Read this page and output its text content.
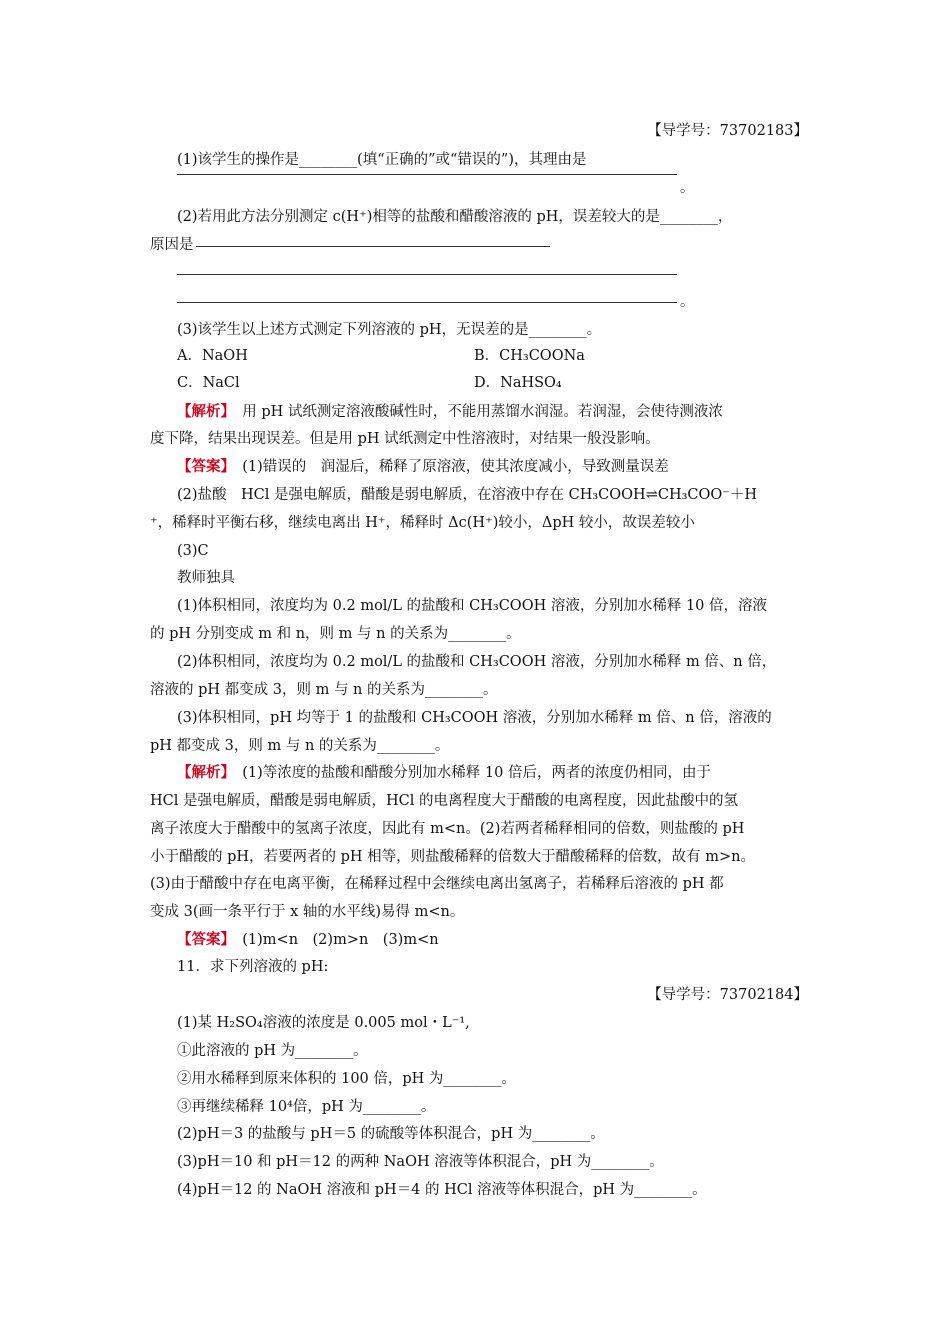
【导学号：73702183】
(1)该学生的操作是________(填“正确的”或“错误的”)，其理由是
。
(2)若用此方法分别测定 c(H⁺)相等的盐酸和醋酸溶液的 pH，误差较大的是________，
原因是
。
(3)该学生以上述方式测定下列溶液的 pH，无误差的是________。
A．NaOH	B．CH₃COONa
C．NaCl	D．NaHSO₄
【解析】　用 pH 试纸测定溶液酸碱性时，不能用蒸馏水润湿。若润湿，会使待测液浓
度下降，结果出现误差。但是用 pH 试纸测定中性溶液时，对结果一般没影响。
【答案】　(1)错误的　润湿后，稀释了原溶液，使其浓度减小，导致测量误差
(2)盐酸　HCl 是强电解质，醋酸是弱电解质，在溶液中存在 CH₃COOH⇌CH₃COO⁻＋H
⁺，稀释时平衡右移，继续电离出 H⁺，稀释时 Δc(H⁺)较小，ΔpH 较小，故误差较小
(3)C
教师独具
(1)体积相同，浓度均为 0.2 mol/L 的盐酸和 CH₃COOH 溶液，分别加水稀释 10 倍，溶液
的 pH 分别变成 m 和 n，则 m 与 n 的关系为________。
(2)体积相同，浓度均为 0.2 mol/L 的盐酸和 CH₃COOH 溶液，分别加水稀释 m 倍、n 倍，
溶液的 pH 都变成 3，则 m 与 n 的关系为________。
(3)体积相同，pH 均等于 1 的盐酸和 CH₃COOH 溶液，分别加水稀释 m 倍、n 倍，溶液的
pH 都变成 3，则 m 与 n 的关系为________。
【解析】　(1)等浓度的盐酸和醋酸分别加水稀释 10 倍后，两者的浓度仍相同，由于
HCl 是强电解质，醋酸是弱电解质，HCl 的电离程度大于醋酸的电离程度，因此盐酸中的氢
离子浓度大于醋酸中的氢离子浓度，因此有 m<n。(2)若两者稀释相同的倍数，则盐酸的 pH
小于醋酸的 pH，若要两者的 pH 相等，则盐酸稀释的倍数大于醋酸稀释的倍数，故有 m>n。
(3)由于醋酸中存在电离平衡，在稀释过程中会继续电离出氢离子，若稀释后溶液的 pH 都
变成 3(画一条平行于 x 轴的水平线)易得 m<n。
【答案】　(1)m<n　(2)m>n　(3)m<n
11．求下列溶液的 pH:
【导学号：73702184】
(1)某 H₂SO₄溶液的浓度是 0.005 mol・L⁻¹,
①此溶液的 pH 为________。
②用水稀释到原来体积的 100 倍，pH 为________。
③再继续稀释 10⁴倍，pH 为________。
(2)pH＝3 的盐酸与 pH＝5 的硫酸等体积混合，pH 为________。
(3)pH＝10 和 pH＝12 的两种 NaOH 溶液等体积混合，pH 为________。
(4)pH＝12 的 NaOH 溶液和 pH＝4 的 HCl 溶液等体积混合，pH 为________。
